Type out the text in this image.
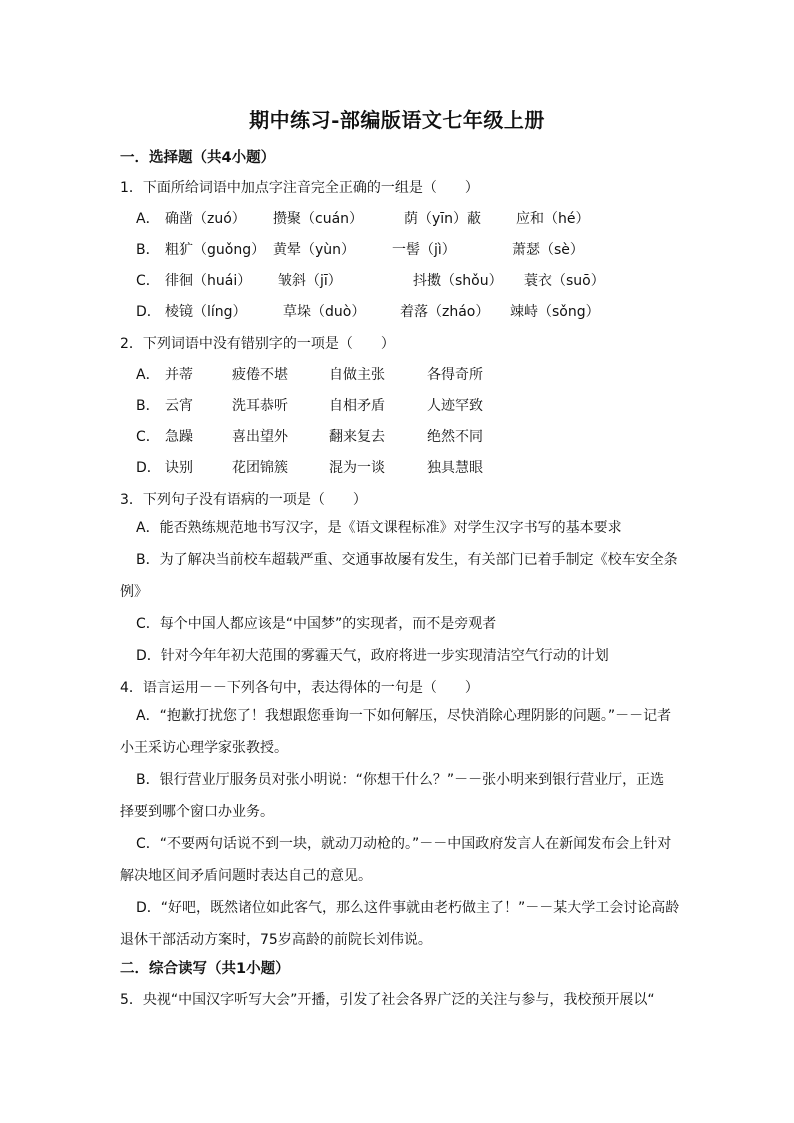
期中练习-部编版语文七年级上册

一．选择题（共4小题）

1．下面所给词语中加点字注音完全正确的一组是（　　）
A． 确凿（zuó） 攒聚（cuán）	荫（yīn）蔽 应和（hé）
B． 粗犷（guǒng） 黄晕（yùn）	一髻（jì）	萧瑟（sè）
C． 徘徊（huái） 皱斜（jī）	抖擞（shǒu） 蓑衣（suō）
D． 棱镜（líng）	草垛（duò） 着落（zháo） 竦峙（sǒng）
2．下列词语中没有错别字的一项是（　　）
A． 并蒂	疲倦不堪	自做主张	各得奇所
B． 云宵	洗耳恭听	自相矛盾	人迹罕致
C． 急躁	喜出望外	翻来复去	绝然不同
D． 诀别	花团锦簇	混为一谈	独具慧眼
3．下列句子没有语病的一项是（　　）
A．能否熟练规范地书写汉字，是《语文课程标准》对学生汉字书写的基本要求
B．为了解决当前校车超载严重、交通事故屡有发生，有关部门已着手制定《校车安全条
例》
C．每个中国人都应该是“中国梦”的实现者，而不是旁观者
D．针对今年年初大范围的雾霾天气，政府将进一步实现清洁空气行动的计划
4．语言运用－－下列各句中，表达得体的一句是（　　）
A．“抱歉打扰您了！我想跟您垂询一下如何解压，尽快消除心理阴影的问题。”－－记者
小王采访心理学家张教授。
B．银行营业厅服务员对张小明说：“你想干什么？”－－张小明来到银行营业厅，正选
择要到哪个窗口办业务。
C．“不要两句话说不到一块，就动刀动枪的。”－－中国政府发言人在新闻发布会上针对
解决地区间矛盾问题时表达自己的意见。
D．“好吧，既然诸位如此客气，那么这件事就由老朽做主了！”－－某大学工会讨论高龄
退休干部活动方案时，75岁高龄的前院长刘伟说。

二．综合读写（共1小题）

5．央视“中国汉字听写大会”开播，引发了社会各界广泛的关注与参与，我校预开展以“
